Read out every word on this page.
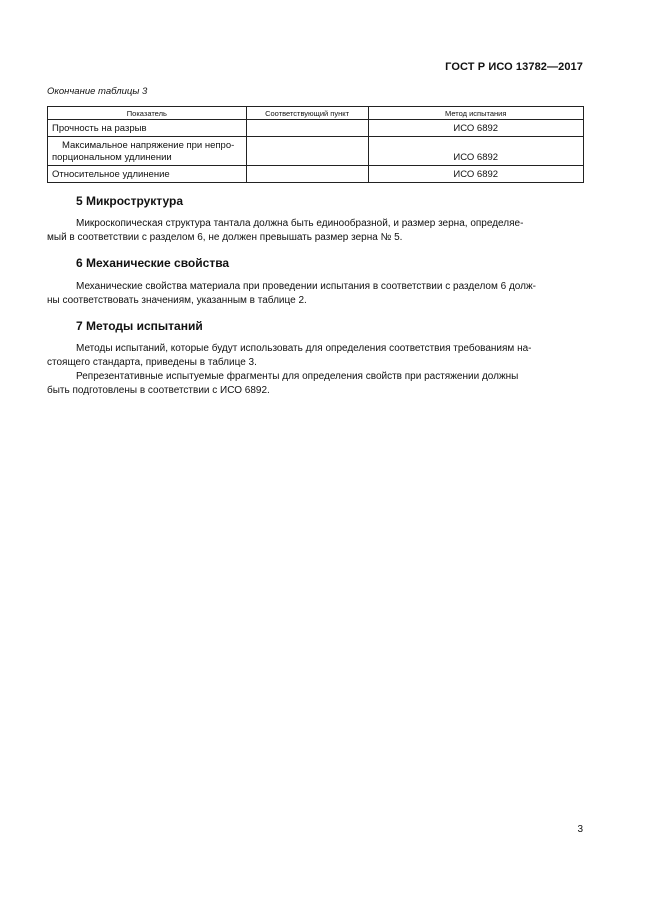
ГОСТ Р ИСО 13782—2017
Окончание таблицы 3
Показатель	Соответствующий пункт	Метод испытания
Прочность на разрыв		ИСО 6892

Максимальное напряжение при непро-
порциональном удлинении		ИСО 6892
Относительное удлинение		ИСО 6892
5 Микроструктура

Микроскопическая структура тантала должна быть единообразной, и размер зерна, определяе-

мый в соответствии с разделом 6, не должен превышать размер зерна № 5.

6 Механические свойства

Механические свойства материала при проведении испытания в соответствии с разделом 6 долж-

ны соответствовать значениям, указанным в таблице 2.

7 Методы испытаний

Методы испытаний, которые будут использовать для определения соответствия требованиям на-

стоящего стандарта, приведены в таблице 3.

Репрезентативные испытуемые фрагменты для определения свойств при растяжении должны

быть подготовлены в соответствии с ИСО 6892.

3
